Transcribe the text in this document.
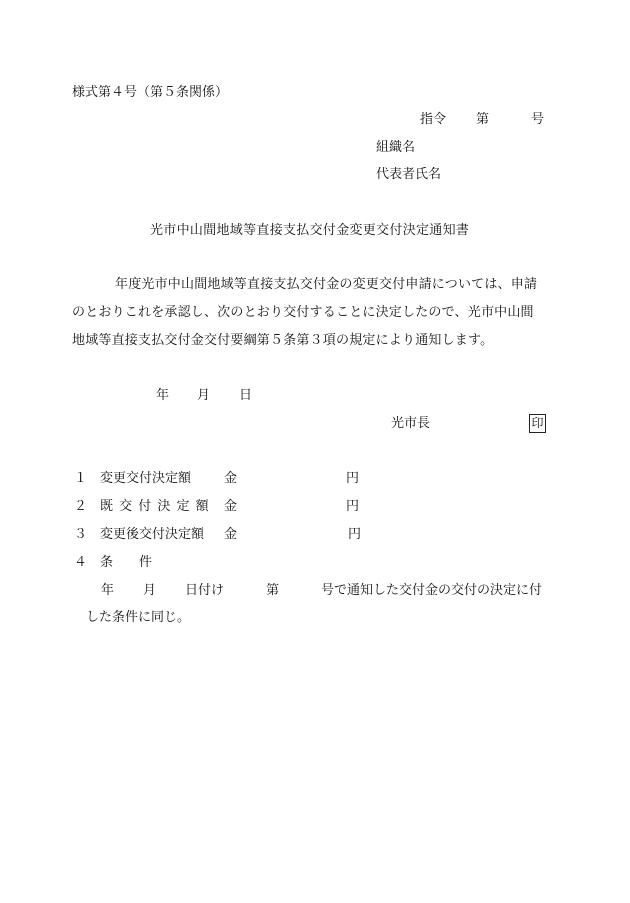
様式第４号（第５条関係）
指令 第	号
組織名
代表者氏名
光市中山間地域等直接支払交付金変更交付決定通知書
年度光市中山間地域等直接支払交付金の変更交付申請については、申請
のとおりこれを承認し、次のとおり交付することに決定したので、光市中山間
地域等直接支払交付金交付要綱第５条第３項の規定により通知します。
年 月 日
光市長	印
１ 変更交付決定額	金	円
２ 既 交 付 決 定 額 金	円
３ 変更後交付決定額 金	円
４ 条　　件
年 月 日付け	第	号で通知した交付金の交付の決定に付
した条件に同じ。
